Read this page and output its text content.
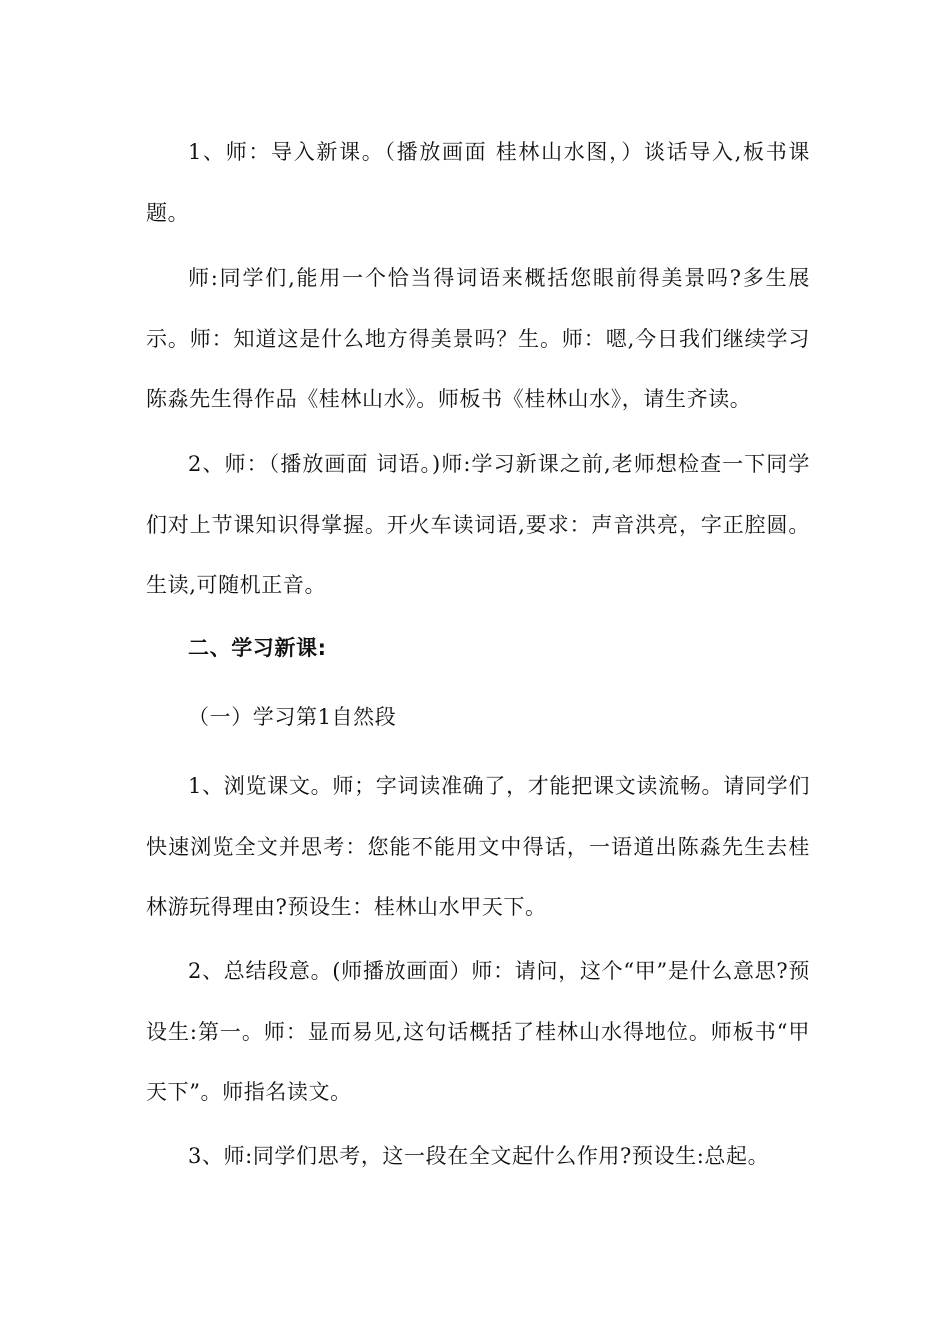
1、师：导入新课。（播放画面 桂林山水图，）谈话导入,板书课题。

师:同学们,能用一个恰当得词语来概括您眼前得美景吗?多生展示。师：知道这是什么地方得美景吗？生。师：嗯,今日我们继续学习陈淼先生得作品《桂林山水》。师板书《桂林山水》，请生齐读。

2、师：（播放画面 词语。)师:学习新课之前,老师想检查一下同学们对上节课知识得掌握。开火车读词语,要求：声音洪亮，字正腔圆。生读,可随机正音。

二、学习新课:

（一）学习第1自然段

1、浏览课文。师；字词读准确了，才能把课文读流畅。请同学们快速浏览全文并思考：您能不能用文中得话，一语道出陈淼先生去桂林游玩得理由?预设生：桂林山水甲天下。

2、总结段意。(师播放画面）师：请问，这个“甲”是什么意思?预设生:第一。师：显而易见,这句话概括了桂林山水得地位。师板书“甲天下”。师指名读文。

3、师:同学们思考，这一段在全文起什么作用?预设生:总起。
